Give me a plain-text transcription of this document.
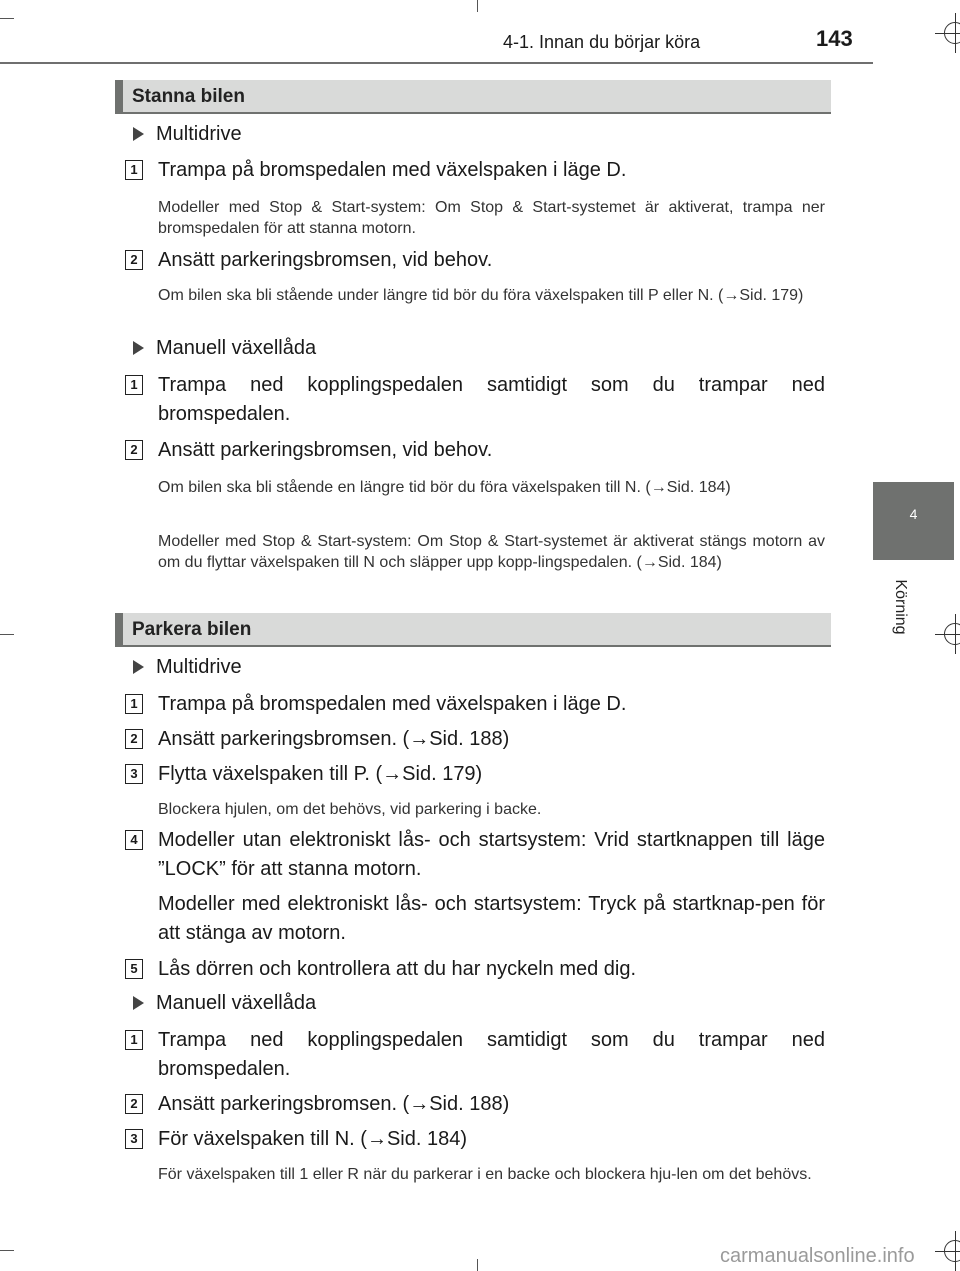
4-1. Innan du börjar köra	143
4
Körning
Stanna bilen
Multidrive
1 Trampa på bromspedalen med växelspaken i läge D.
Modeller med Stop & Start-system: Om Stop & Start-systemet är aktiverat, trampa ner bromspedalen för att stanna motorn.
2 Ansätt parkeringsbromsen, vid behov.
Om bilen ska bli stående under längre tid bör du föra växelspaken till P eller N. (→Sid. 179)
Manuell växellåda
1 Trampa ned kopplingspedalen samtidigt som du trampar ned bromspedalen.
2 Ansätt parkeringsbromsen, vid behov.
Om bilen ska bli stående en längre tid bör du föra växelspaken till N. (→Sid. 184)
Modeller med Stop & Start-system: Om Stop & Start-systemet är aktiverat stängs motorn av om du flyttar växelspaken till N och släpper upp kopp-lingspedalen. (→Sid. 184)
Parkera bilen
Multidrive
1 Trampa på bromspedalen med växelspaken i läge D.
2 Ansätt parkeringsbromsen. (→Sid. 188)
3 Flytta växelspaken till P. (→Sid. 179)
Blockera hjulen, om det behövs, vid parkering i backe.
4 Modeller utan elektroniskt lås- och startsystem: Vrid startknappen till läge ”LOCK” för att stanna motorn.
Modeller med elektroniskt lås- och startsystem: Tryck på startknap-pen för att stänga av motorn.
5 Lås dörren och kontrollera att du har nyckeln med dig.
Manuell växellåda
1 Trampa ned kopplingspedalen samtidigt som du trampar ned bromspedalen.
2 Ansätt parkeringsbromsen. (→Sid. 188)
3 För växelspaken till N. (→Sid. 184)
För växelspaken till 1 eller R när du parkerar i en backe och blockera hju-len om det behövs.
carmanualsonline.info
